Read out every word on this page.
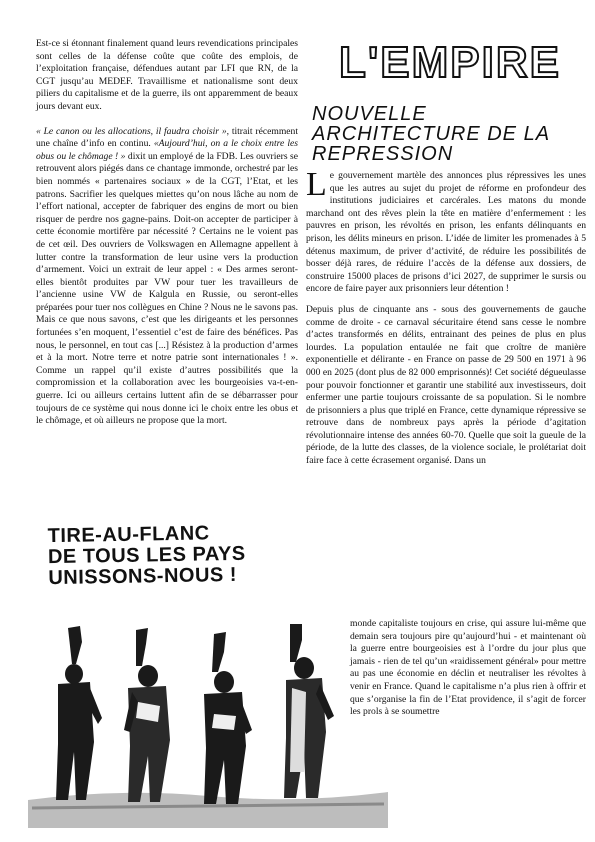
Est-ce si étonnant finalement quand leurs revendications principales sont celles de la défense coûte que coûte des emplois, de l’exploitation française, défendues autant par LFI que RN, de la CGT jusqu’au MEDEF. Travaillisme et nationalisme sont deux piliers du capitalisme et de la guerre, ils ont apparemment de beaux jours devant eux.

« Le canon ou les allocations, il faudra choisir », titrait récemment une chaîne d’info en continu. «Aujourd’hui, on a le choix entre les obus ou le chômage ! » dixit un employé de la FDB. Les ouvriers se retrouvent alors piégés dans ce chantage immonde, orchestré par les bien nommés « partenaires sociaux » de la CGT, l’Etat, et les patrons. Sacrifier les quelques miettes qu’on nous lâche au nom de l’effort national, accepter de fabriquer des engins de mort ou bien risquer de perdre nos gagne-pains. Doit-on accepter de participer à cette économie mortifère par nécessité ? Certains ne le voient pas de cet œil. Des ouvriers de Volkswagen en Allemagne appellent à lutter contre la transformation de leur usine vers la production d’armement. Voici un extrait de leur appel : « Des armes seront-elles bientôt produites par VW pour tuer les travailleurs de l’ancienne usine VW de Kalgula en Russie, ou seront-elles préparées pour tuer nos collègues en Chine ? Nous ne le savons pas. Mais ce que nous savons, c’est que les dirigeants et les personnes fortunées s’en moquent, l’essentiel c’est de faire des bénéfices. Pas nous, le personnel, en tout cas [...] Résistez à la production d’armes et à la mort. Notre terre et notre patrie sont internationales ! ». Comme un rappel qu’il existe d’autres possibilités que la compromission et la collaboration avec les bourgeoisies va-t-en-guerre. Ici ou ailleurs certains luttent afin de se débarrasser pour toujours de ce système qui nous donne ici le choix entre les obus et le chômage, et où ailleurs ne propose que la mort.

L'EMPIRE
NOUVELLE
ARCHITECTURE DE LA
REPRESSION

Le gouvernement martèle des annonces plus répressives les unes que les autres au sujet du projet de réforme en profondeur des institutions judiciaires et carcérales. Les matons du monde marchand ont des rêves plein la tête en matière d’enfermement : les pauvres en prison, les révoltés en prison, les enfants délinquants en prison, les délits mineurs en prison. L’idée de limiter les promenades à 5 détenus maximum, de priver d’activité, de réduire les possibilités de bosser déjà rares, de réduire l’accès de la défense aux dossiers, de construire 15000 places de prisons d’ici 2027, de supprimer le sursis ou encore de faire payer aux prisonniers leur détention !

Depuis plus de cinquante ans - sous des gouvernements de gauche comme de droite - ce carnaval sécuritaire étend sans cesse le nombre d’actes transformés en délits, entrainant des peines de plus en plus lourdes. La population entaulée ne fait que croître de manière exponentielle et délirante - en France on passe de 29 500 en 1971 à 96 000 en 2025 (dont plus de 82 000 emprisonnés)! Cet société dégueulasse pour pouvoir fonctionner et garantir une stabilité aux investisseurs, doit enfermer une partie toujours croissante de sa population. Si le nombre de prisonniers a plus que triplé en France, cette dynamique répressive se retrouve dans de nombreux pays après la période d’agitation révolutionnaire intense des années 60-70. Quelle que soit la gueule de la période, de la lutte des classes, de la violence sociale, le prolétariat doit faire face à cette écrasement organisé. Dans un

monde capitaliste toujours en crise, qui assure lui-même que demain sera toujours pire qu’aujourd’hui - et maintenant où la guerre entre bourgeoisies est à l’ordre du jour plus que jamais - rien de tel qu’un «raidissement général» pour mettre au pas une économie en déclin et neutraliser les révoltes à venir en France. Quand le capitalisme n’a plus rien à offrir et que s’organise la fin de l’Etat providence, il s’agit de forcer les prols à se soumettre

TIRE-AU-FLANC
DE TOUS LES PAYS
UNISSONS-NOUS !
